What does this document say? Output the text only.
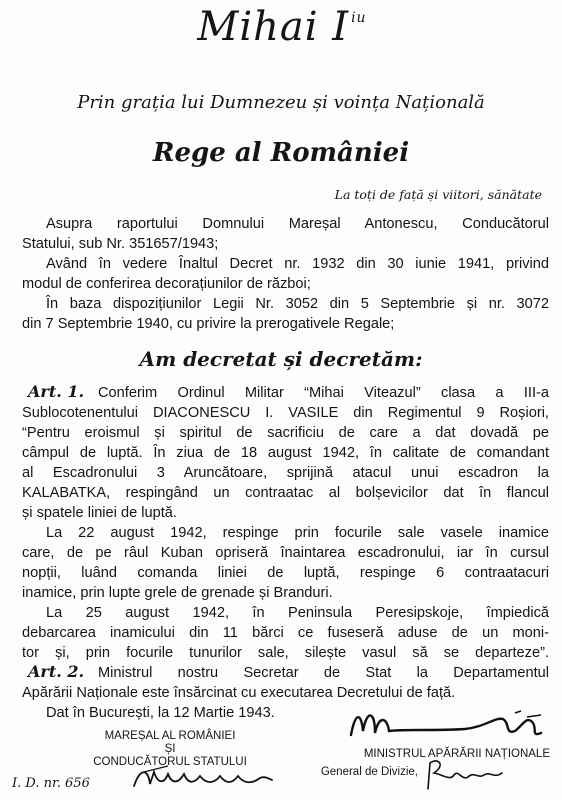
Mihai I $^{iu}$
Prin grația lui Dumnezeu și voința Națională
Rege al României
La toți de față și viitori, sănătate
Asupra raportului Domnului Mareșal Antonescu, Conducătorul
Statului, sub Nr. 351657/1943;
Având în vedere Înaltul Decret nr. 1932 din 30 iunie 1941, privind
modul de conferirea decorațiunilor de război;
În baza dispozițiunilor Legii Nr. 3052 din 5 Septembrie și nr. 3072
din 7 Septembrie 1940, cu privire la prerogativele Regale;
Am decretat și decretăm:
Art. 1. Conferim Ordinul Militar “Mihai Viteazul” clasa a III-a
Sublocotenentului DIACONESCU I. VASILE din Regimentul 9 Roșiori,
“Pentru eroismul și spiritul de sacrificiu de care a dat dovadă pe
câmpul de luptă. În ziua de 18 august 1942, în calitate de comandant
al Escadronului 3 Aruncătoare, sprijină atacul unui escadron la
KALABATKA, respingând un contraatac al bolșevicilor dat în flancul
și spatele liniei de luptă.
La 22 august 1942, respinge prin focurile sale vasele inamice
care, de pe râul Kuban opriseră înaintarea escadronului, iar în cursul
nopții, luând comanda liniei de luptă, respinge 6 contraatacuri
inamice, prin lupte grele de grenade și Branduri.
La 25 august 1942, în Peninsula Peresipskoje, împiedică
debarcarea inamicului din 11 bărci ce fuseseră aduse de un moni-
tor și, prin focurile tunurilor sale, silește vasul să se departeze”.
Art. 2. Ministrul nostru Secretar de Stat la Departamentul
Apărării Naționale este însărcinat cu executarea Decretului de față.
Dat în București, la 12 Martie 1943.
MAREȘAL AL ROMÂNIEI
ȘI
CONDUCĂTORUL STATULUI
MINISTRUL APĂRĂRII NAȚIONALE
General de Divizie,
I. D. nr. 656
